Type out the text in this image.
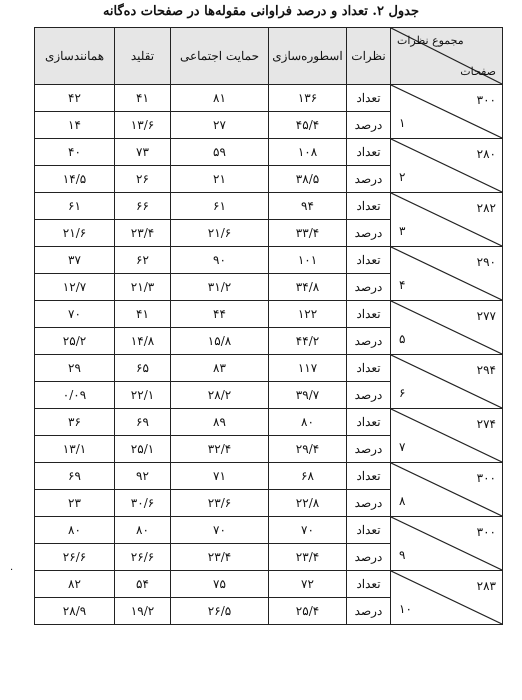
جدول ۲. تعداد و درصد فراوانی مقوله‌ها در صفحات ده‌گانه
مجموع نظرات
صفحات	نظرات	اسطوره‌سازی	حمایت اجتماعی	تقلید	همانندسازی

۳۰۰
۱	تعداد	۱۳۶	۸۱	۴۱	۴۲
	درصد	۴۵/۴	۲۷	۱۳/۶	۱۴

۲۸۰
۲	تعداد	۱۰۸	۵۹	۷۳	۴۰
	درصد	۳۸/۵	۲۱	۲۶	۱۴/۵

۲۸۲
۳	تعداد	۹۴	۶۱	۶۶	۶۱
	درصد	۳۳/۴	۲۱/۶	۲۳/۴	۲۱/۶

۲۹۰
۴	تعداد	۱۰۱	۹۰	۶۲	۳۷
	درصد	۳۴/۸	۳۱/۲	۲۱/۳	۱۲/۷

۲۷۷
۵	تعداد	۱۲۲	۴۴	۴۱	۷۰
	درصد	۴۴/۲	۱۵/۸	۱۴/۸	۲۵/۲

۲۹۴
۶	تعداد	۱۱۷	۸۳	۶۵	۲۹
	درصد	۳۹/۷	۲۸/۲	۲۲/۱	۰/۰۹

۲۷۴
۷	تعداد	۸۰	۸۹	۶۹	۳۶
	درصد	۲۹/۴	۳۲/۴	۲۵/۱	۱۳/۱

۳۰۰
۸	تعداد	۶۸	۷۱	۹۲	۶۹
	درصد	۲۲/۸	۲۳/۶	۳۰/۶	۲۳

۳۰۰
۹	تعداد	۷۰	۷۰	۸۰	۸۰
	درصد	۲۳/۴	۲۳/۴	۲۶/۶	۲۶/۶

۲۸۳
۱۰	تعداد	۷۲	۷۵	۵۴	۸۲
	درصد	۲۵/۴	۲۶/۵	۱۹/۲	۲۸/۹
.
